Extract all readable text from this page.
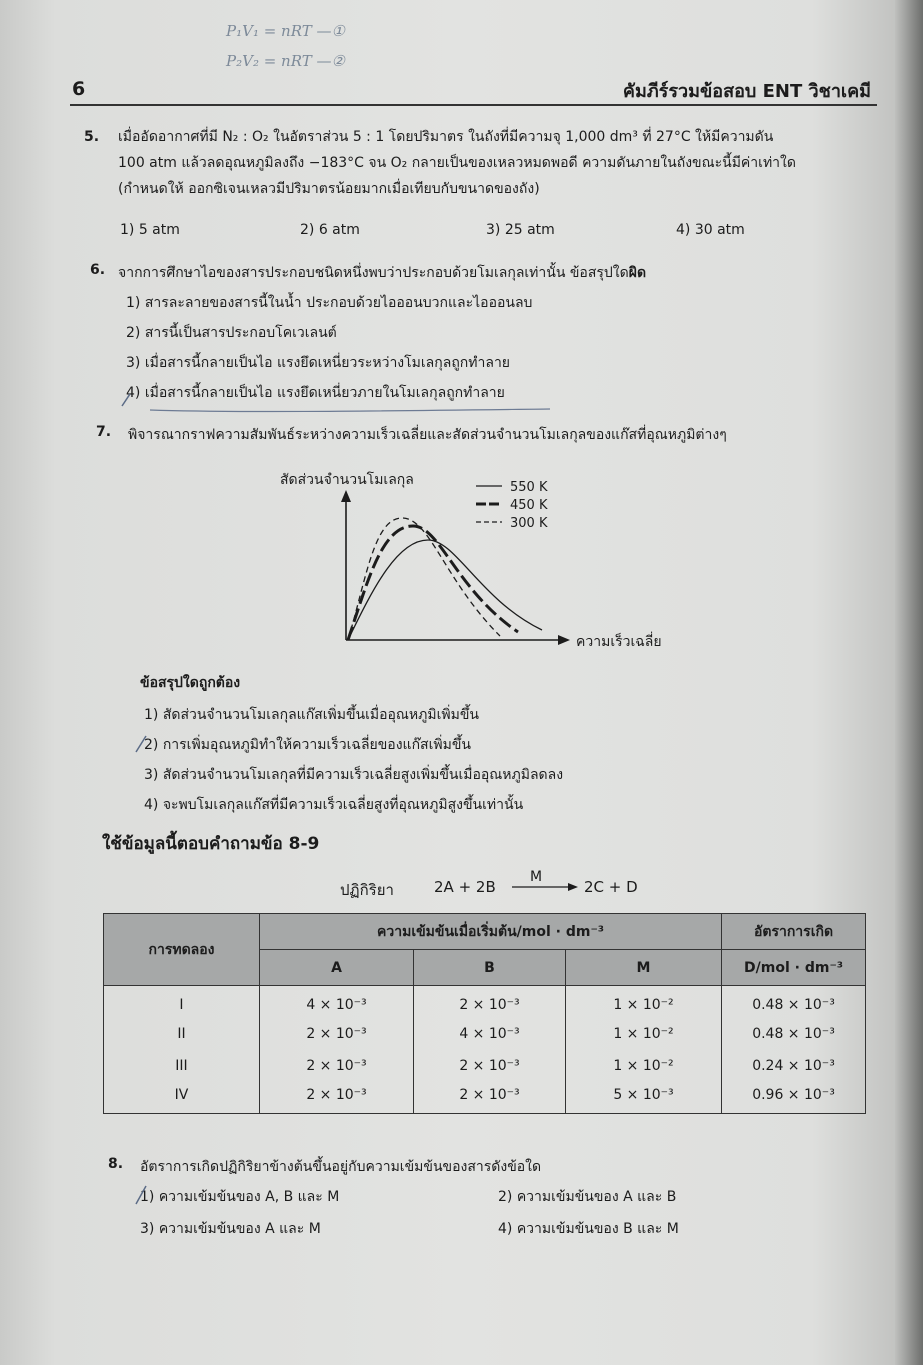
P₁V₁ = nRT —①
P₂V₂ = nRT —②
6	คัมภีร์รวมข้อสอบ ENT วิชาเคมี
5. เมื่ออัดอากาศที่มี N₂ : O₂ ในอัตราส่วน 5 : 1 โดยปริมาตร ในถังที่มีความจุ 1,000 dm³ ที่ 27°C ให้มีความดัน
100 atm แล้วลดอุณหภูมิลงถึง −183°C จน O₂ กลายเป็นของเหลวหมดพอดี ความดันภายในถังขณะนี้มีค่าเท่าใด
(กำหนดให้ ออกซิเจนเหลวมีปริมาตรน้อยมากเมื่อเทียบกับขนาดของถัง)
1) 5 atm	2) 6 atm	3) 25 atm	4) 30 atm
6. จากการศึกษาไอของสารประกอบชนิดหนึ่งพบว่าประกอบด้วยโมเลกุลเท่านั้น ข้อสรุปใดผิด
1) สารละลายของสารนี้ในน้ำ ประกอบด้วยไอออนบวกและไอออนลบ
2) สารนี้เป็นสารประกอบโคเวเลนต์
3) เมื่อสารนี้กลายเป็นไอ แรงยึดเหนี่ยวระหว่างโมเลกุลถูกทำลาย
4) เมื่อสารนี้กลายเป็นไอ แรงยึดเหนี่ยวภายในโมเลกุลถูกทำลาย
7. พิจารณากราฟความสัมพันธ์ระหว่างความเร็วเฉลี่ยและสัดส่วนจำนวนโมเลกุลของแก๊สที่อุณหภูมิต่างๆ
สัดส่วนจำนวนโมเลกุล
ความเร็วเฉลี่ย
550 K
450 K
300 K
ข้อสรุปใดถูกต้อง
1) สัดส่วนจำนวนโมเลกุลแก๊สเพิ่มขึ้นเมื่ออุณหภูมิเพิ่มขึ้น
2) การเพิ่มอุณหภูมิทำให้ความเร็วเฉลี่ยของแก๊สเพิ่มขึ้น
3) สัดส่วนจำนวนโมเลกุลที่มีความเร็วเฉลี่ยสูงเพิ่มขึ้นเมื่ออุณหภูมิลดลง
4) จะพบโมเลกุลแก๊สที่มีความเร็วเฉลี่ยสูงที่อุณหภูมิสูงขึ้นเท่านั้น
ใช้ข้อมูลนี้ตอบคำถามข้อ 8-9
ปฏิกิริยา	2A + 2B
M
2C + D
การทดลอง	ความเข้มข้นเมื่อเริ่มต้น/mol · dm⁻³			อัตราการเกิด
	A	B	M	D/mol · dm⁻³
I	4 × 10⁻³	2 × 10⁻³	1 × 10⁻²	0.48 × 10⁻³
II	2 × 10⁻³	4 × 10⁻³	1 × 10⁻²	0.48 × 10⁻³
III	2 × 10⁻³	2 × 10⁻³	1 × 10⁻²	0.24 × 10⁻³
IV	2 × 10⁻³	2 × 10⁻³	5 × 10⁻³	0.96 × 10⁻³
8. อัตราการเกิดปฏิกิริยาข้างต้นขึ้นอยู่กับความเข้มข้นของสารดังข้อใด
1) ความเข้มข้นของ A, B และ M	2) ความเข้มข้นของ A และ B
3) ความเข้มข้นของ A และ M	4) ความเข้มข้นของ B และ M
